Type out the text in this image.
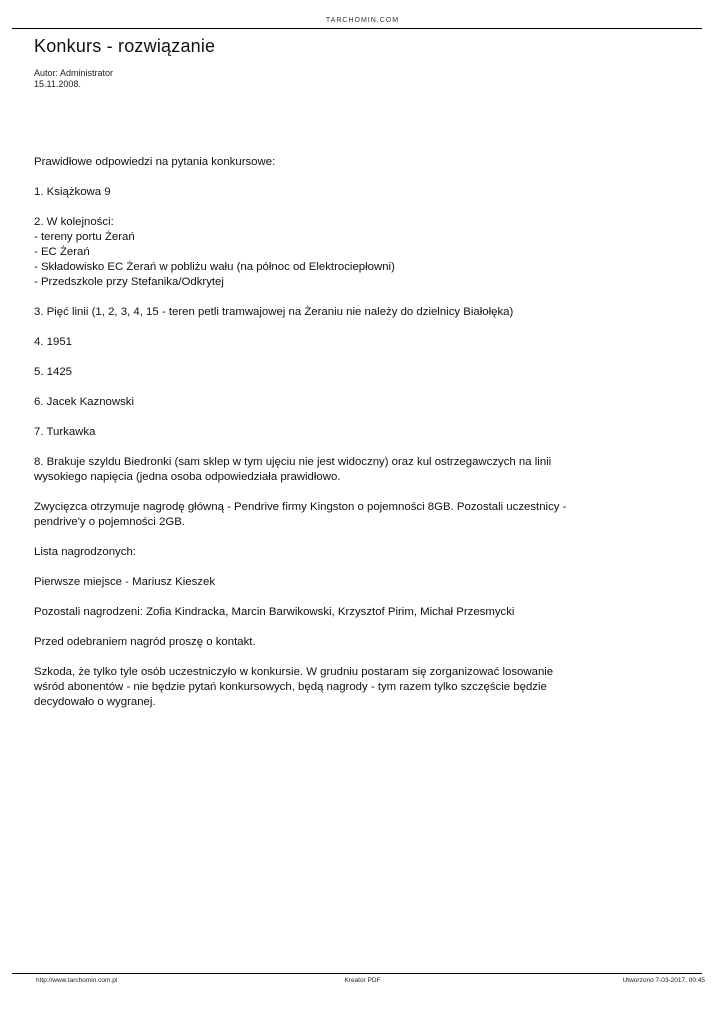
TARCHOMIN.COM
Konkurs - rozwiązanie
Autor: Administrator
15.11.2008.

Prawidłowe odpowiedzi na pytania konkursowe:

1. Książkowa 9

2. W kolejności:
- tereny portu Żerań
- EC Żerań
- Składowisko EC Żerań w pobliżu wału (na północ od Elektrociepłowni)
- Przedszkole przy Stefanika/Odkrytej

3. Pięć linii (1, 2, 3, 4, 15 - teren petli tramwajowej na Żeraniu nie należy do dzielnicy Białołęka)

4. 1951

5. 1425

6. Jacek Kaznowski

7. Turkawka

8. Brakuje szyldu Biedronki (sam sklep w tym ujęciu nie jest widoczny) oraz kul ostrzegawczych na linii wysokiego napięcia (jedna osoba odpowiedziała prawidłowo.

Zwycięzca otrzymuje nagrodę główną - Pendrive firmy Kingston o pojemności 8GB. Pozostali uczestnicy - pendrive'y o pojemności 2GB.

Lista nagrodzonych:

Pierwsze miejsce - Mariusz Kieszek

Pozostali nagrodzeni: Zofia Kindracka, Marcin Barwikowski, Krzysztof Pirim, Michał Przesmycki

Przed odebraniem nagród proszę o kontakt.

Szkoda, że tylko tyle osób uczestniczyło w konkursie. W grudniu postaram się zorganizować losowanie wśród abonentów - nie będzie pytań konkursowych, będą nagrody - tym razem tylko szczęście będzie decydowało o wygranej.

http://www.tarchomin.com.pl	Kreator PDF	Utworzono 7-03-2017, 00:45
